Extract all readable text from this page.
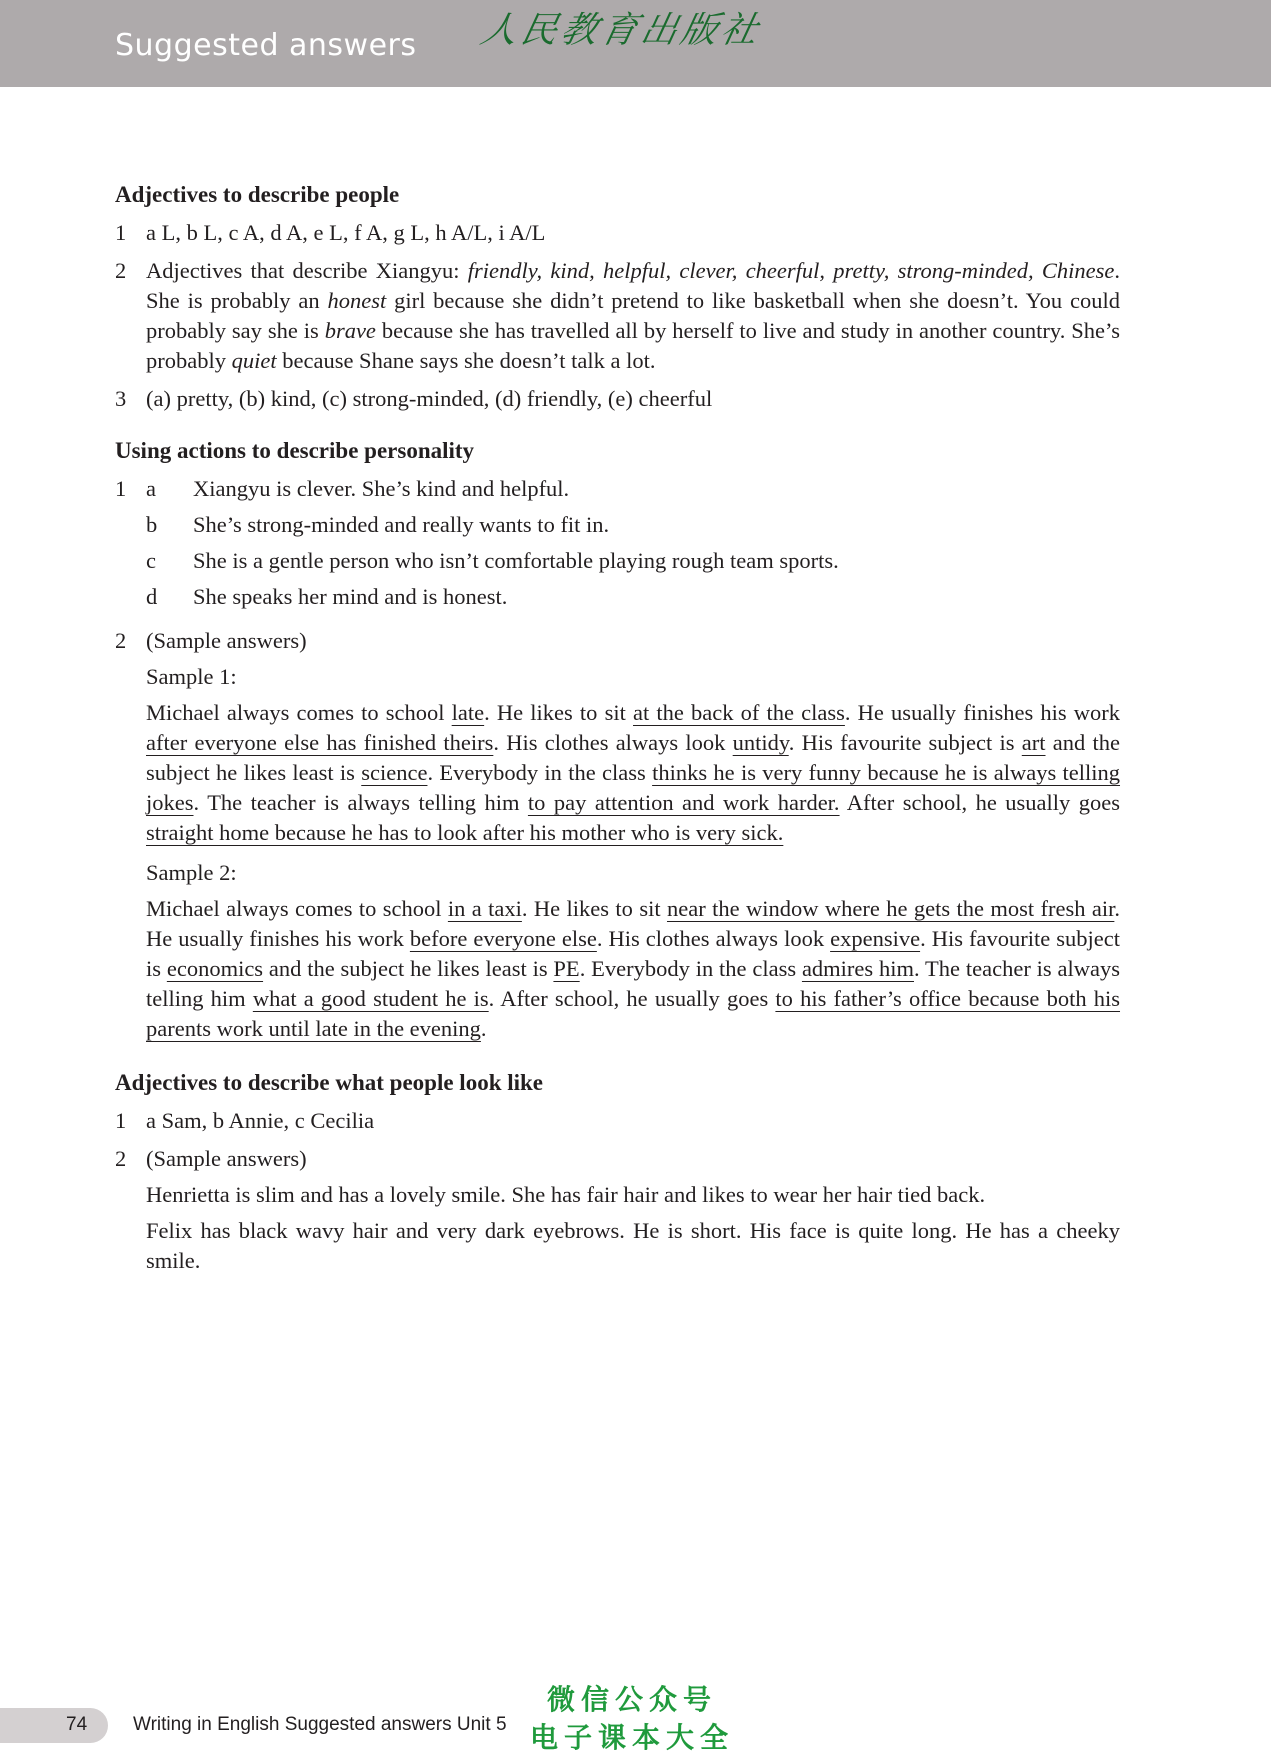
Suggested answers 人民教育出版社
Adjectives to describe people
1 a L, b L, c A, d A, e L, f A, g L, h A/L, i A/L
2 Adjectives that describe Xiangyu: friendly, kind, helpful, clever, cheerful, pretty, strong-minded, Chinese. She is probably an honest girl because she didn’t pretend to like basketball when she doesn’t. You could probably say she is brave because she has travelled all by herself to live and study in another country. She’s probably quiet because Shane says she doesn’t talk a lot.
3 (a) pretty, (b) kind, (c) strong-minded, (d) friendly, (e) cheerful
Using actions to describe personality
1 a	Xiangyu is clever. She’s kind and helpful.
b	She’s strong-minded and really wants to fit in.
c	She is a gentle person who isn’t comfortable playing rough team sports.
d	She speaks her mind and is honest.
2 (Sample answers)
Sample 1:
Michael always comes to school late. He likes to sit at the back of the class. He usually finishes his work after everyone else has finished theirs. His clothes always look untidy. His favourite subject is art and the subject he likes least is science. Everybody in the class thinks he is very funny because he is always telling jokes. The teacher is always telling him to pay attention and work harder. After school, he usually goes straight home because he has to look after his mother who is very sick.
Sample 2:
Michael always comes to school in a taxi. He likes to sit near the window where he gets the most fresh air. He usually finishes his work before everyone else. His clothes always look expensive. His favourite subject is economics and the subject he likes least is PE. Everybody in the class admires him. The teacher is always telling him what a good student he is. After school, he usually goes to his father’s office because both his parents work until late in the evening.
Adjectives to describe what people look like
1 a Sam, b Annie, c Cecilia
2 (Sample answers)
Henrietta is slim and has a lovely smile. She has fair hair and likes to wear her hair tied back.
Felix has black wavy hair and very dark eyebrows. He is short. His face is quite long. He has a cheeky smile.
74 Writing in English Suggested answers Unit 5
微信公众号
电子课本大全
